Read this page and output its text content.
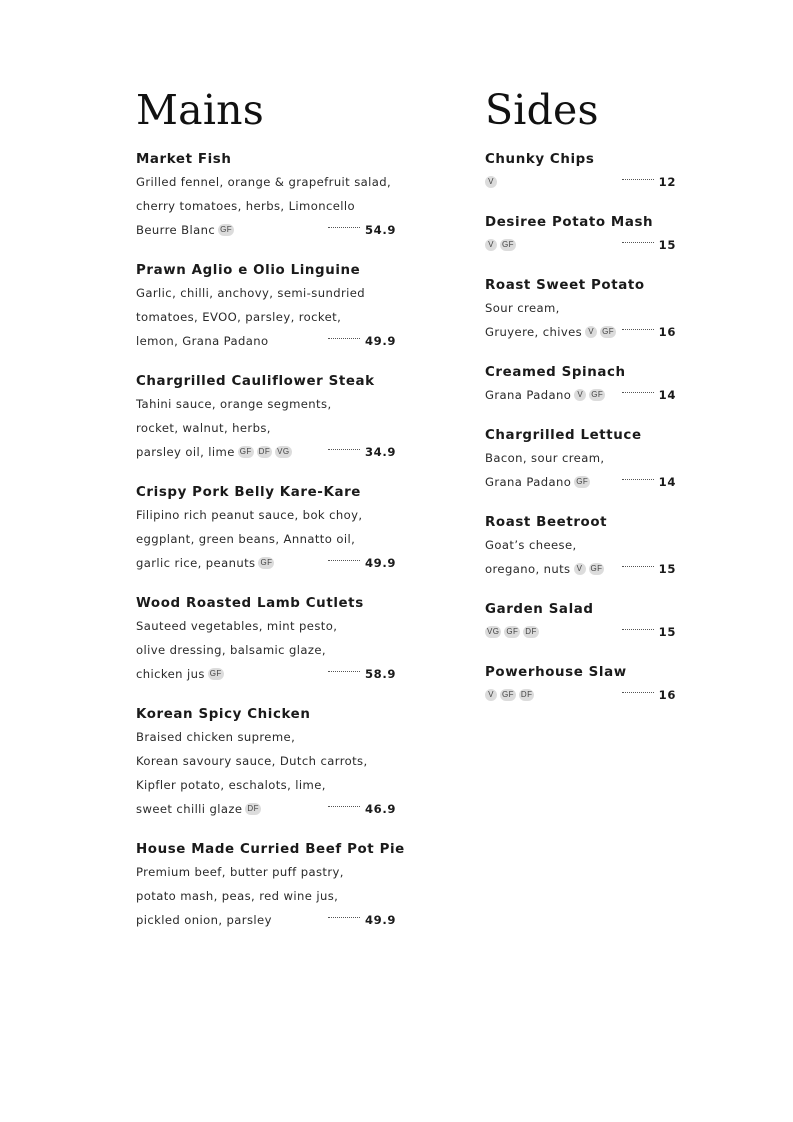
Mains
Market Fish
Grilled fennel, orange & grapefruit salad,
cherry tomatoes, herbs, Limoncello
Beurre Blanc GF	54.9
Prawn Aglio e Olio Linguine
Garlic, chilli, anchovy, semi-sundried
tomatoes, EVOO, parsley, rocket,
lemon, Grana Padano	49.9
Chargrilled Cauliflower Steak
Tahini sauce, orange segments,
rocket, walnut, herbs,
parsley oil, lime GF DF VG	34.9
Crispy Pork Belly Kare-Kare
Filipino rich peanut sauce, bok choy,
eggplant, green beans, Annatto oil,
garlic rice, peanuts GF	49.9
Wood Roasted Lamb Cutlets
Sauteed vegetables, mint pesto,
olive dressing, balsamic glaze,
chicken jus GF	58.9
Korean Spicy Chicken
Braised chicken supreme,
Korean savoury sauce, Dutch carrots,
Kipfler potato, eschalots, lime,
sweet chilli glaze DF	46.9
House Made Curried Beef Pot Pie
Premium beef, butter puff pastry,
potato mash, peas, red wine jus,
pickled onion, parsley	49.9
Sides
Chunky Chips
V	12
Desiree Potato Mash
V GF	15
Roast Sweet Potato
Sour cream,
Gruyere, chives V GF	16
Creamed Spinach
Grana Padano V GF	14
Chargrilled Lettuce
Bacon, sour cream,
Grana Padano GF	14
Roast Beetroot
Goat’s cheese,
oregano, nuts V GF	15
Garden Salad
VG GF DF	15
Powerhouse Slaw
V GF DF	16
